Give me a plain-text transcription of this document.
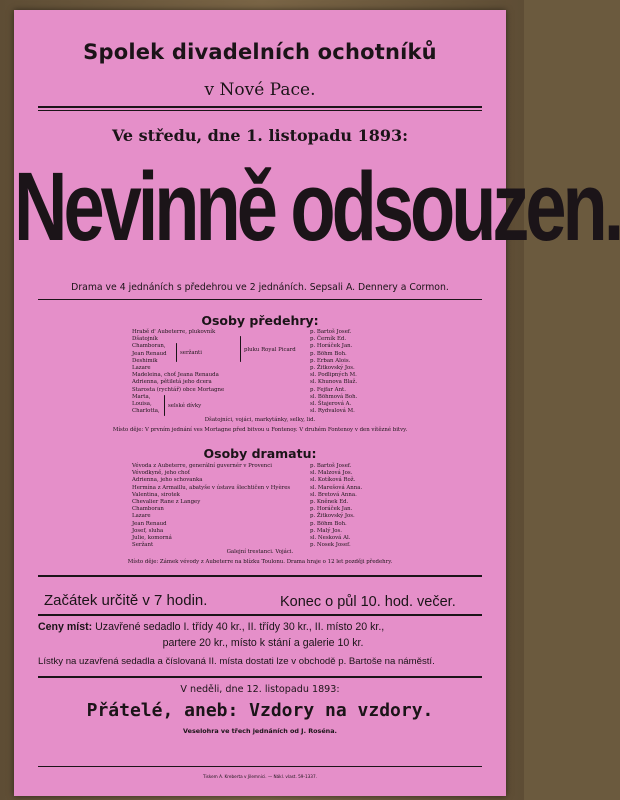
Spolek divadelních ochotníků
v Nové Pace.
Ve středu, dne 1. listopadu 1893:
Nevinně odsouzen.
Drama ve 4 jednáních s předehrou ve 2 jednáních. Sepsali A. Dennery a Cormon.
Osoby předehry:
Hrabě d' Aubeterre, plukovník	p. Bartoš Josef.
Dšatojník	p. Černík Ed.
Chamboran,	p. Horáček Jan.
Jean Renaud	p. Böhm Boh.
Deshimik	p. Erban Alois.
Lazare	p. Žitkovský Jos.
Madeleina, choť Jeana Renauda	sl. Podlipných M.
Adrienna, pětiletá jeho dcera	sl. Khunova Blaž.
Starosta (rychtář) obce Mortagne	p. Fejfar Ant.
Marta,	sl. Böhmová Boh.
Louisa,	sl. Štajerová A.
Charlotta,	sl. Rydvalová M.
seržanti	pluku Royal Picard
selské dívky
Dšatojníci, vojáci, markytánky, selky, lid.
Místo děje: V prvním jednání ves Mortagne před bitvou u Fontenoy. V druhém Fontenoy v den vítězné bitvy.
Osoby dramatu:
Vévoda z Aubeterre, generální guvernér v Provenci	p. Bartoš Josef.
Vévodkyně, jeho choť	sl. Malzová Jos.
Adrienna, jeho schovanka	sl. Kotíková Rož.
Hermína z Armaillu, abatyše v ústavu šlechtičen v Hyères	sl. Marešová Anna.
Valentina, sirotek	sl. Bretová Anna.
Chevalier Rane z Langey	p. Kněnek Ed.
Chamboran	p. Horáček Jan.
Lazare	p. Žitkovský Jos.
Jean Renaud	p. Böhm Boh.
Josef, sluha	p. Malý Jos.
Julie, komorná	sl. Nesková Al.
Seržant	p. Nosek Josef.
Galejní trestanci. Vojáci.
Místo děje: Zámek vévody z Aubeterre na blízku Toulonu. Drama hraje o 12 let později předehry.
Začátek určitě v 7 hodin.	Konec o půl 10. hod. večer.
Ceny míst: Uzavřené sedadlo I. třídy 40 kr., II. třídy 30 kr., II. místo 20 kr.,
partere 20 kr., místo k stání a galerie 10 kr.
Lístky na uzavřená sedadla a číslovaná II. místa dostati lze v obchodě p. Bartoše na náměstí.
V neděli, dne 12. listopadu 1893:
Přátelé, aneb: Vzdory na vzdory.
Veselohra ve třech jednáních od J. Roséna.
Tiskem A. Kreberta v Jilemnici. — Nákl. vlast. 59-1337.
